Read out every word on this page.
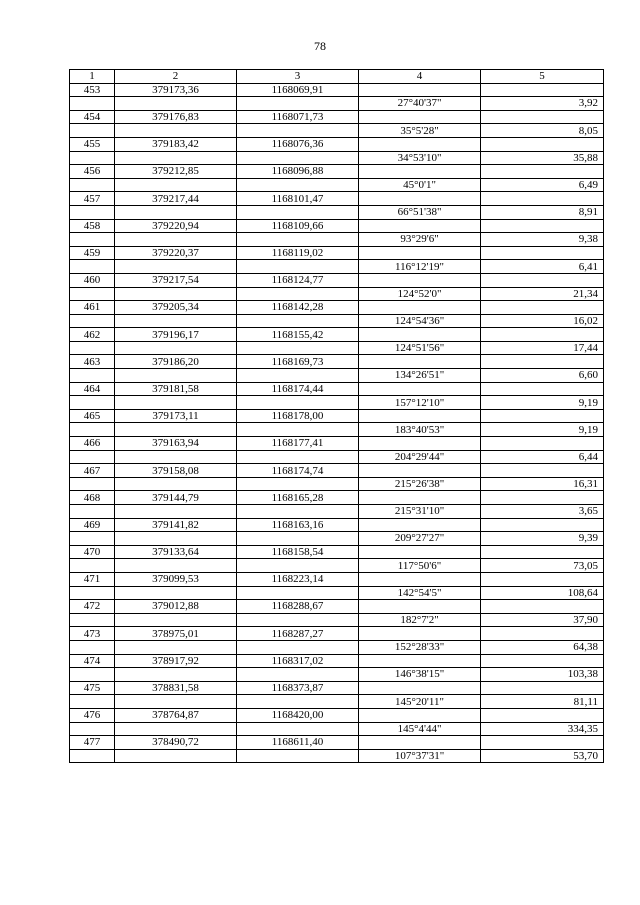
78
1	2	3	4	5
453	379173,36	1168069,91		
			27°40'37"	3,92
454	379176,83	1168071,73		
			35°5'28"	8,05
455	379183,42	1168076,36		
			34°53'10"	35,88
456	379212,85	1168096,88		
			45°0'1"	6,49
457	379217,44	1168101,47		
			66°51'38"	8,91
458	379220,94	1168109,66		
			93°29'6"	9,38
459	379220,37	1168119,02		
			116°12'19"	6,41
460	379217,54	1168124,77		
			124°52'0"	21,34
461	379205,34	1168142,28		
			124°54'36"	16,02
462	379196,17	1168155,42		
			124°51'56"	17,44
463	379186,20	1168169,73		
			134°26'51"	6,60
464	379181,58	1168174,44		
			157°12'10"	9,19
465	379173,11	1168178,00		
			183°40'53"	9,19
466	379163,94	1168177,41		
			204°29'44"	6,44
467	379158,08	1168174,74		
			215°26'38"	16,31
468	379144,79	1168165,28		
			215°31'10"	3,65
469	379141,82	1168163,16		
			209°27'27"	9,39
470	379133,64	1168158,54		
			117°50'6"	73,05
471	379099,53	1168223,14		
			142°54'5"	108,64
472	379012,88	1168288,67		
			182°7'2"	37,90
473	378975,01	1168287,27		
			152°28'33"	64,38
474	378917,92	1168317,02		
			146°38'15"	103,38
475	378831,58	1168373,87		
			145°20'11"	81,11
476	378764,87	1168420,00		
			145°4'44"	334,35
477	378490,72	1168611,40		
			107°37'31"	53,70
